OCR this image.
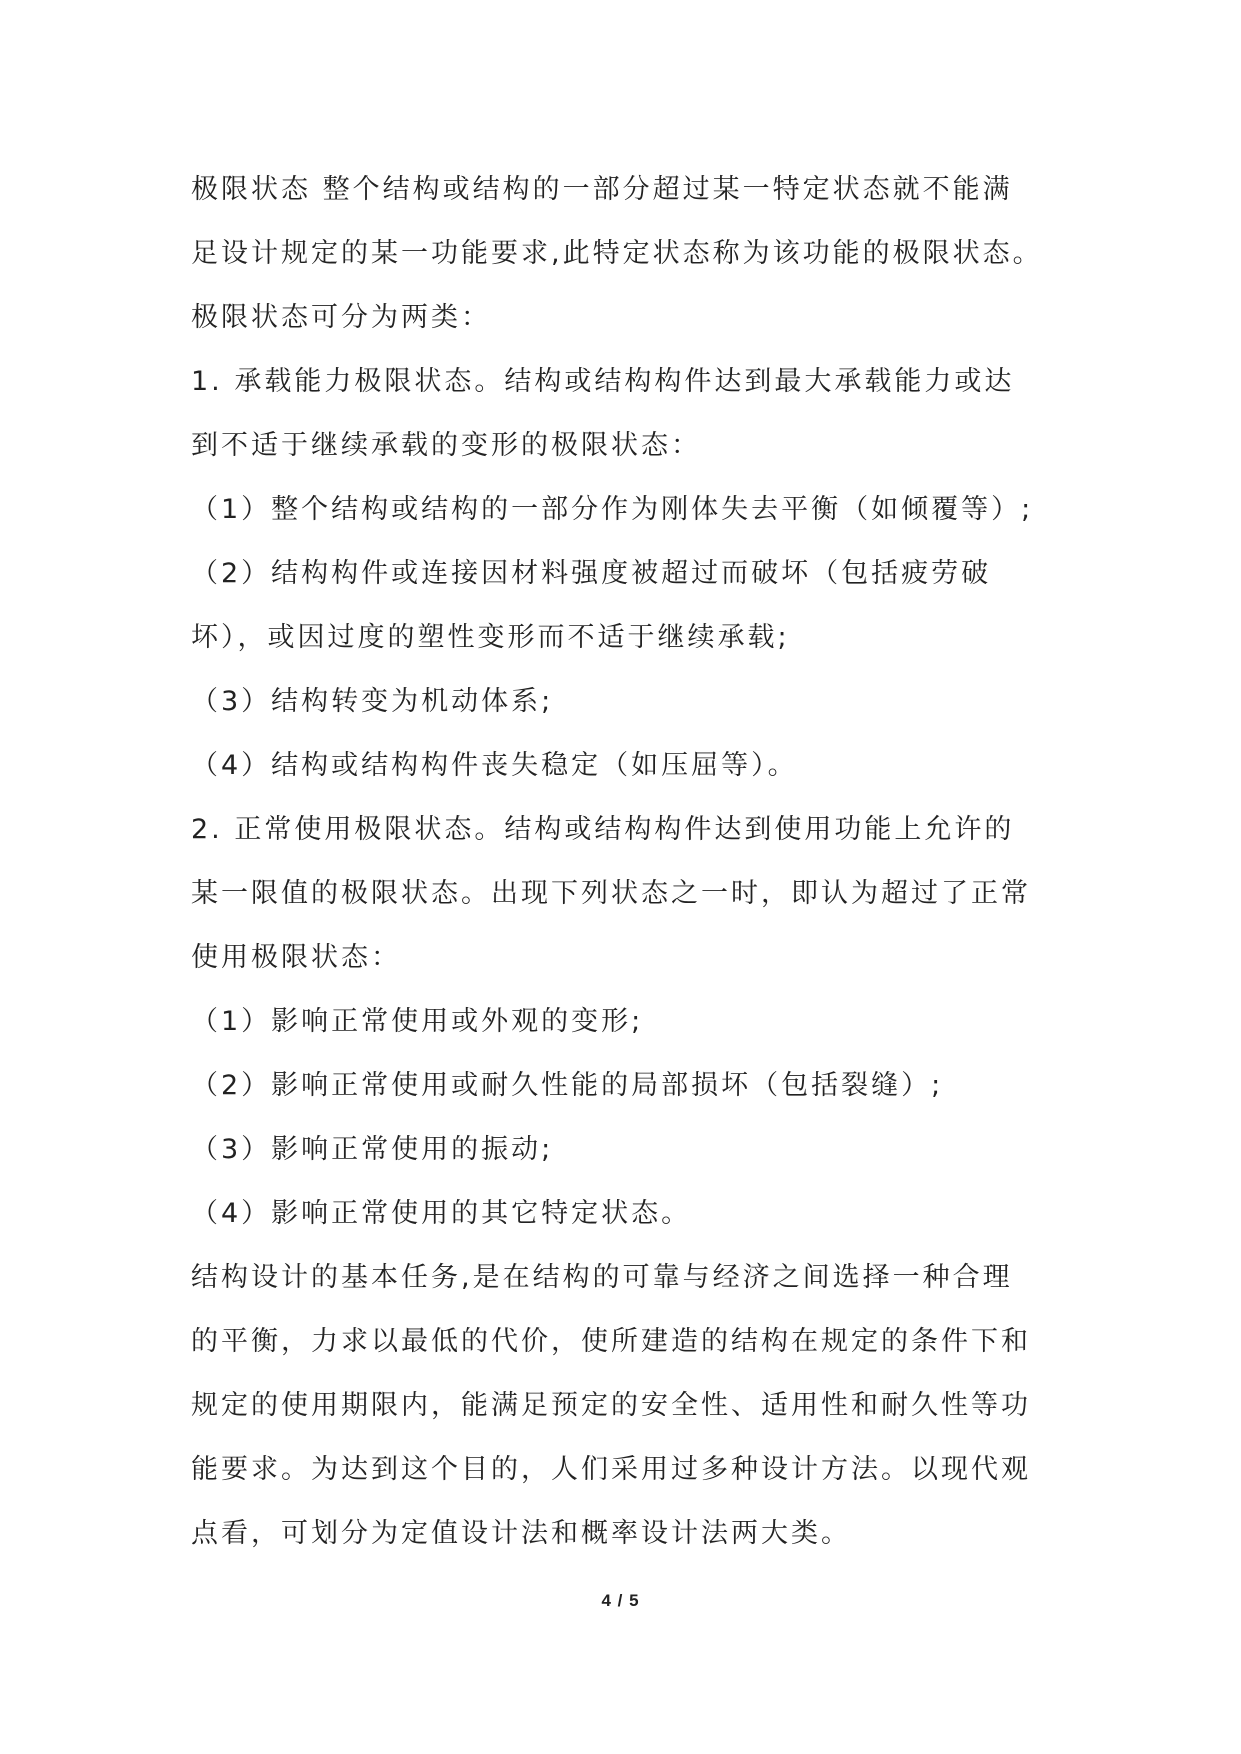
极限状态 整个结构或结构的一部分超过某一特定状态就不能满
足设计规定的某一功能要求,此特定状态称为该功能的极限状态。
极限状态可分为两类：
1. 承载能力极限状态。结构或结构构件达到最大承载能力或达
到不适于继续承载的变形的极限状态：
（1）整个结构或结构的一部分作为刚体失去平衡（如倾覆等）;
（2）结构构件或连接因材料强度被超过而破坏（包括疲劳破
坏），或因过度的塑性变形而不适于继续承载;
（3）结构转变为机动体系;
（4）结构或结构构件丧失稳定（如压屈等）。
2. 正常使用极限状态。结构或结构构件达到使用功能上允许的
某一限值的极限状态。出现下列状态之一时，即认为超过了正常
使用极限状态：
（1）影响正常使用或外观的变形;
（2）影响正常使用或耐久性能的局部损坏（包括裂缝）;
（3）影响正常使用的振动;
（4）影响正常使用的其它特定状态。
结构设计的基本任务,是在结构的可靠与经济之间选择一种合理
的平衡，力求以最低的代价，使所建造的结构在规定的条件下和
规定的使用期限内，能满足预定的安全性、适用性和耐久性等功
能要求。为达到这个目的，人们采用过多种设计方法。以现代观
点看，可划分为定值设计法和概率设计法两大类。
4 / 5
